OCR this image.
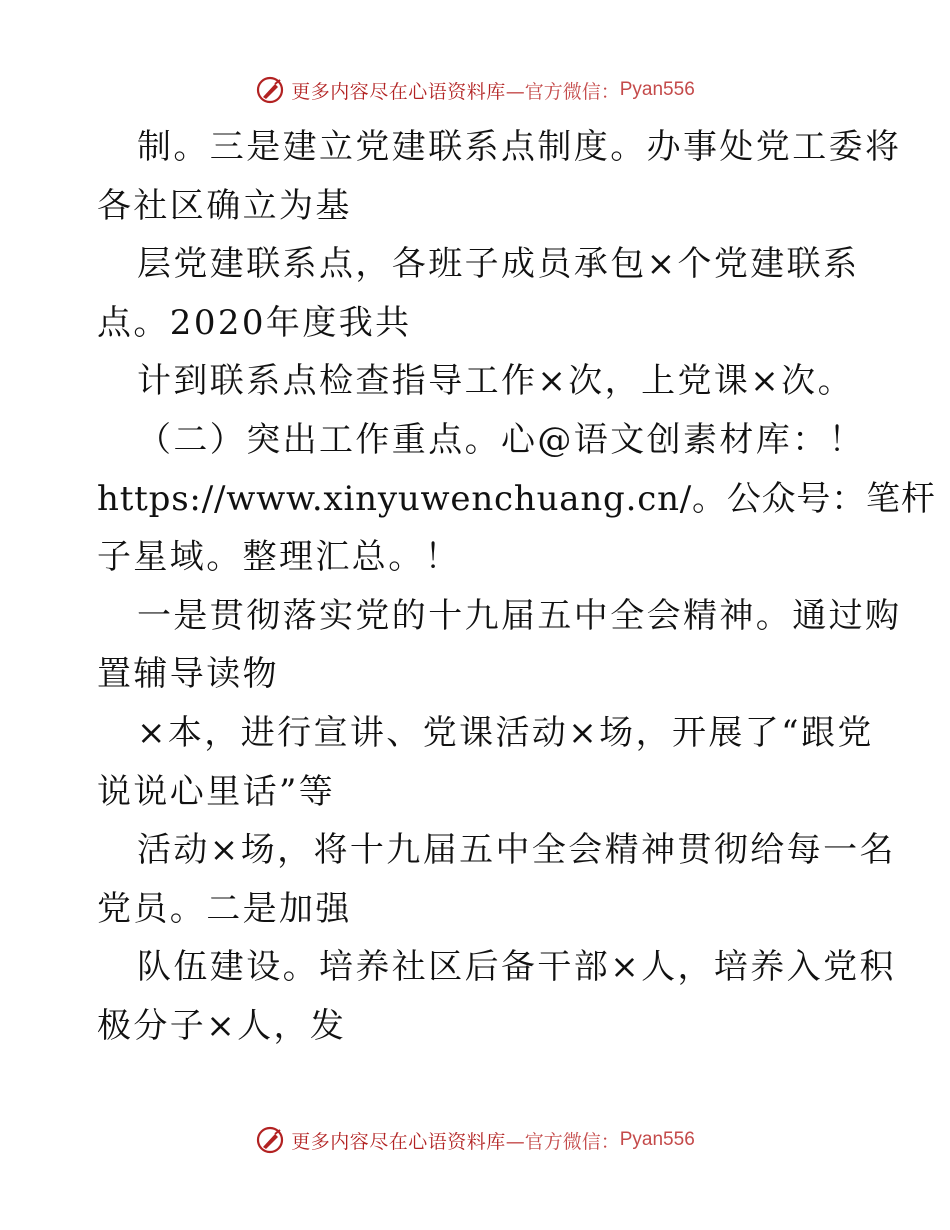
更多内容尽在心语资料库 —官方微信： Pyan556
制。三是建立党建联系点制度。办事处党工委将
各社区确立为基
层党建联系点，各班子成员承包×个党建联系
点。2020年度我共
计到联系点检查指导工作×次，上党课×次。
（二）突出工作重点。心@语文创素材库：！
https://www.xinyuwenchuang.cn/。公众号：笔杆
子星域。整理汇总。！
一是贯彻落实党的十九届五中全会精神。通过购
置辅导读物
×本，进行宣讲、党课活动×场，开展了“跟党
说说心里话”等
活动×场，将十九届五中全会精神贯彻给每一名
党员。二是加强
队伍建设。培养社区后备干部×人，培养入党积
极分子×人，发
更多内容尽在心语资料库 —官方微信： Pyan556
